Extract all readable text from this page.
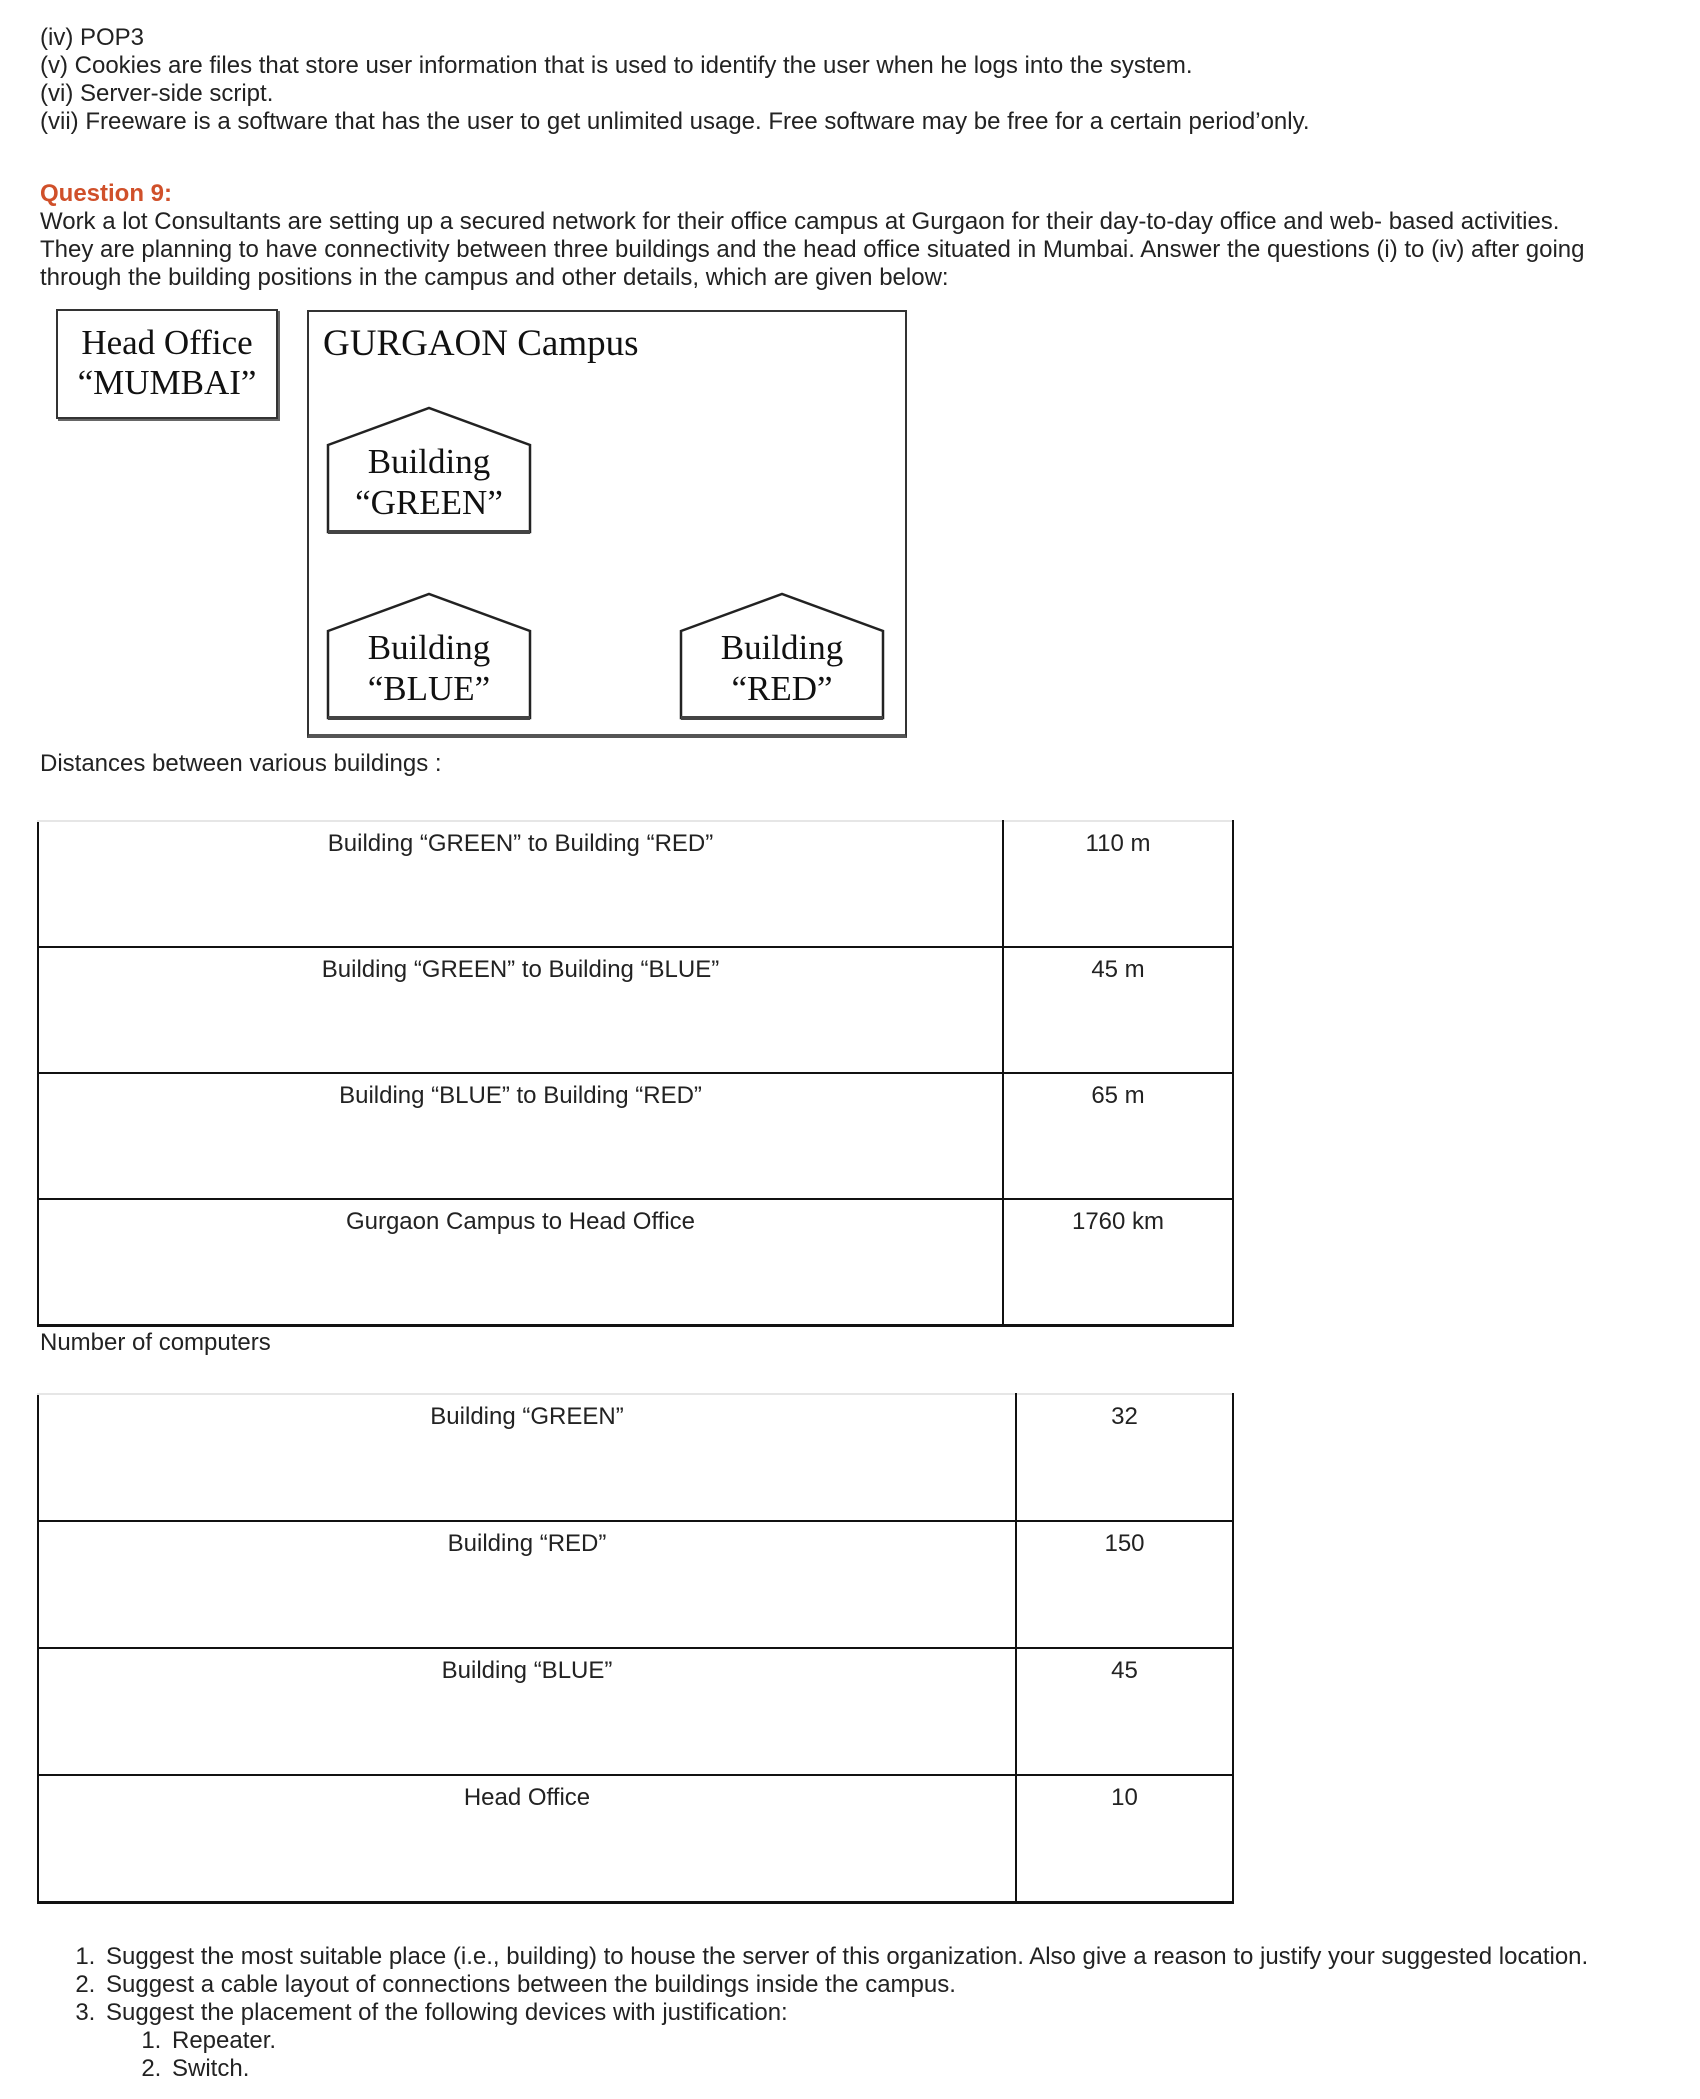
(iv) POP3
(v) Cookies are files that store user information that is used to identify the user when he logs into the system.
(vi) Server-side script.
(vii) Freeware is a software that has the user to get unlimited usage. Free software may be free for a certain period’only.
Question 9:
Work a lot Consultants are setting up a secured network for their office campus at Gurgaon for their day-to-day office and web- based activities.
They are planning to have connectivity between three buildings and the head office situated in Mumbai. Answer the questions (i) to (iv) after going
through the building positions in the campus and other details, which are given below:
Head Office
“MUMBAI”
GURGAON Campus
Building
“GREEN”
Building
“BLUE”
Building
“RED”
Distances between various buildings :
Building “GREEN” to Building “RED”	110 m
Building “GREEN” to Building “BLUE”	45 m
Building “BLUE” to Building “RED”	65 m
Gurgaon Campus to Head Office	1760 km
Number of computers
Building “GREEN”	32
Building “RED”	150
Building “BLUE”	45
Head Office	10
1. Suggest the most suitable place (i.e., building) to house the server of this organization. Also give a reason to justify your suggested location.
2. Suggest a cable layout of connections between the buildings inside the campus.
3. Suggest the placement of the following devices with justification:
1. Repeater.
2. Switch.
